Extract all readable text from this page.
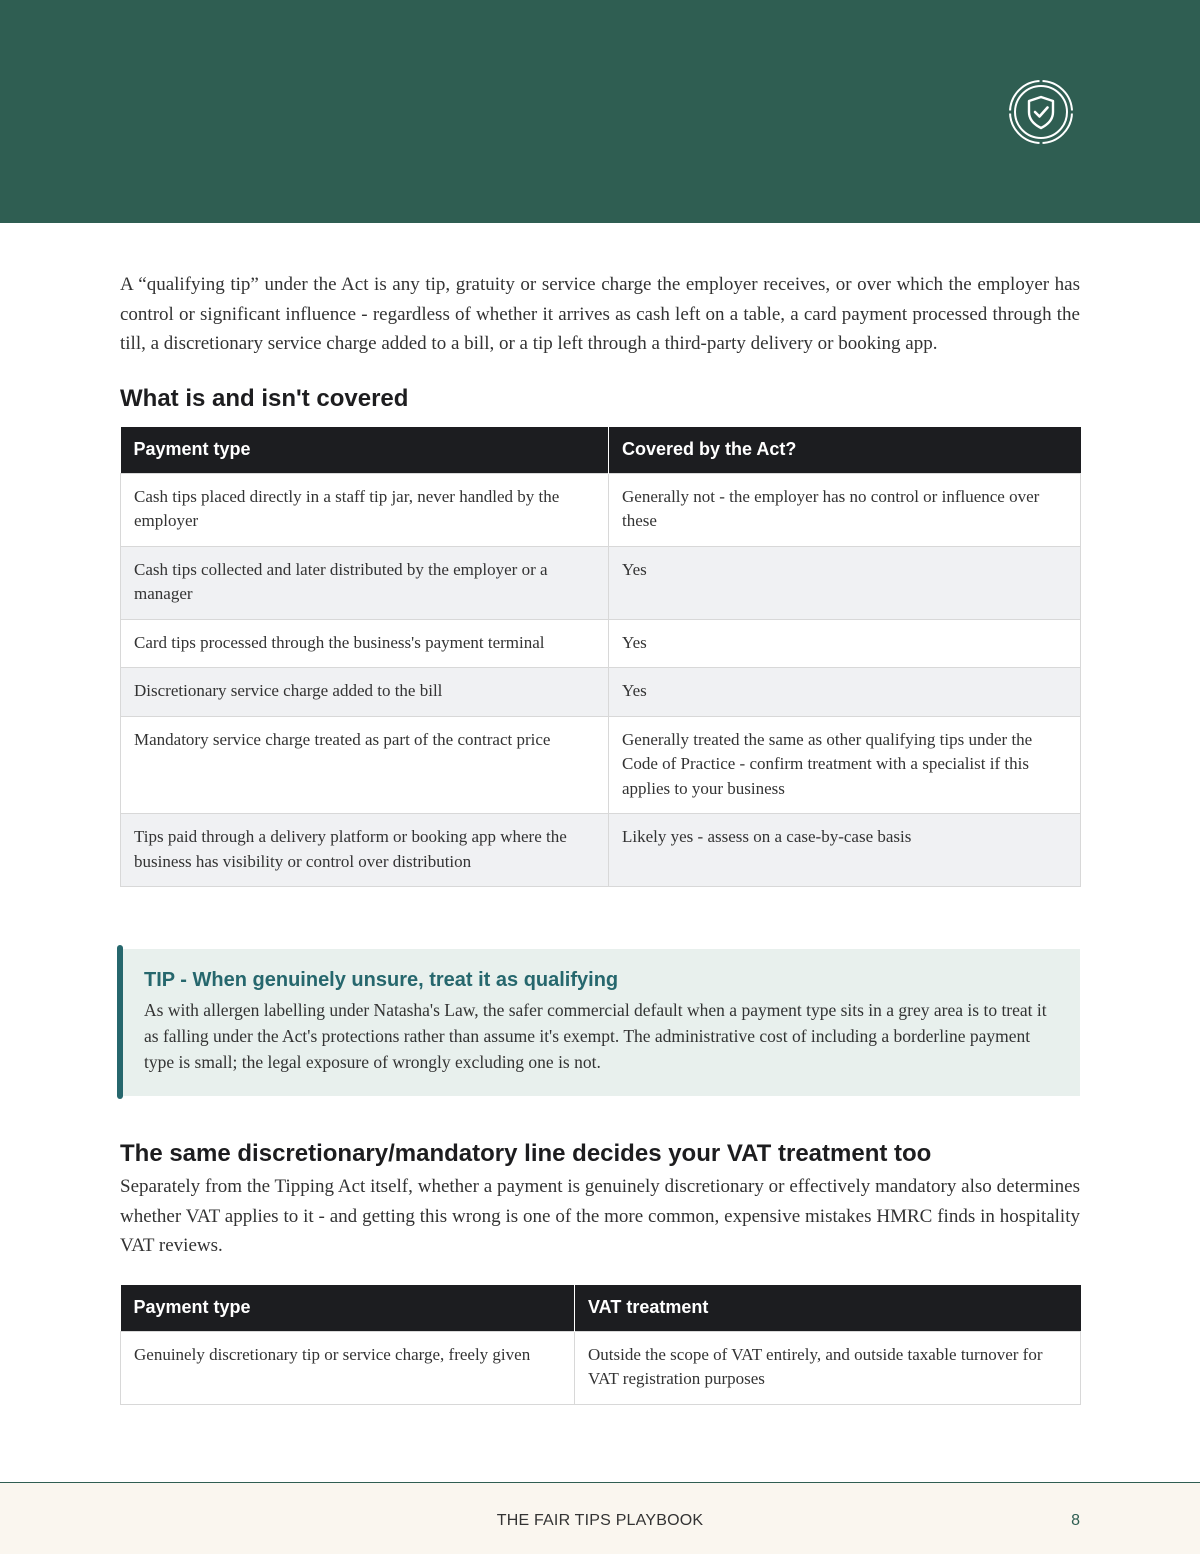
A “qualifying tip” under the Act is any tip, gratuity or service charge the employer receives, or over which the employer has control or significant influence - regardless of whether it arrives as cash left on a table, a card payment processed through the till, a discretionary service charge added to a bill, or a tip left through a third-party delivery or booking app.

What is and isn't covered
Payment type	Covered by the Act?
Cash tips placed directly in a staff tip jar, never handled by the employer	Generally not - the employer has no control or influence over these
Cash tips collected and later distributed by the employer or a manager	Yes
Card tips processed through the business's payment terminal	Yes
Discretionary service charge added to the bill	Yes
Mandatory service charge treated as part of the contract price	Generally treated the same as other qualifying tips under the Code of Practice - confirm treatment with a specialist if this applies to your business
Tips paid through a delivery platform or booking app where the business has visibility or control over distribution	Likely yes - assess on a case-by-case basis
TIP - When genuinely unsure, treat it as qualifying
As with allergen labelling under Natasha's Law, the safer commercial default when a payment type sits in a grey area is to treat it as falling under the Act's protections rather than assume it's exempt. The administrative cost of including a borderline payment type is small; the legal exposure of wrongly excluding one is not.
The same discretionary/mandatory line decides your VAT treatment too

Separately from the Tipping Act itself, whether a payment is genuinely discretionary or effectively mandatory also determines whether VAT applies to it - and getting this wrong is one of the more common, expensive mistakes HMRC finds in hospitality VAT reviews.

Payment type	VAT treatment
Genuinely discretionary tip or service charge, freely given	Outside the scope of VAT entirely, and outside taxable turnover for VAT registration purposes
THE FAIR TIPS PLAYBOOK	8
